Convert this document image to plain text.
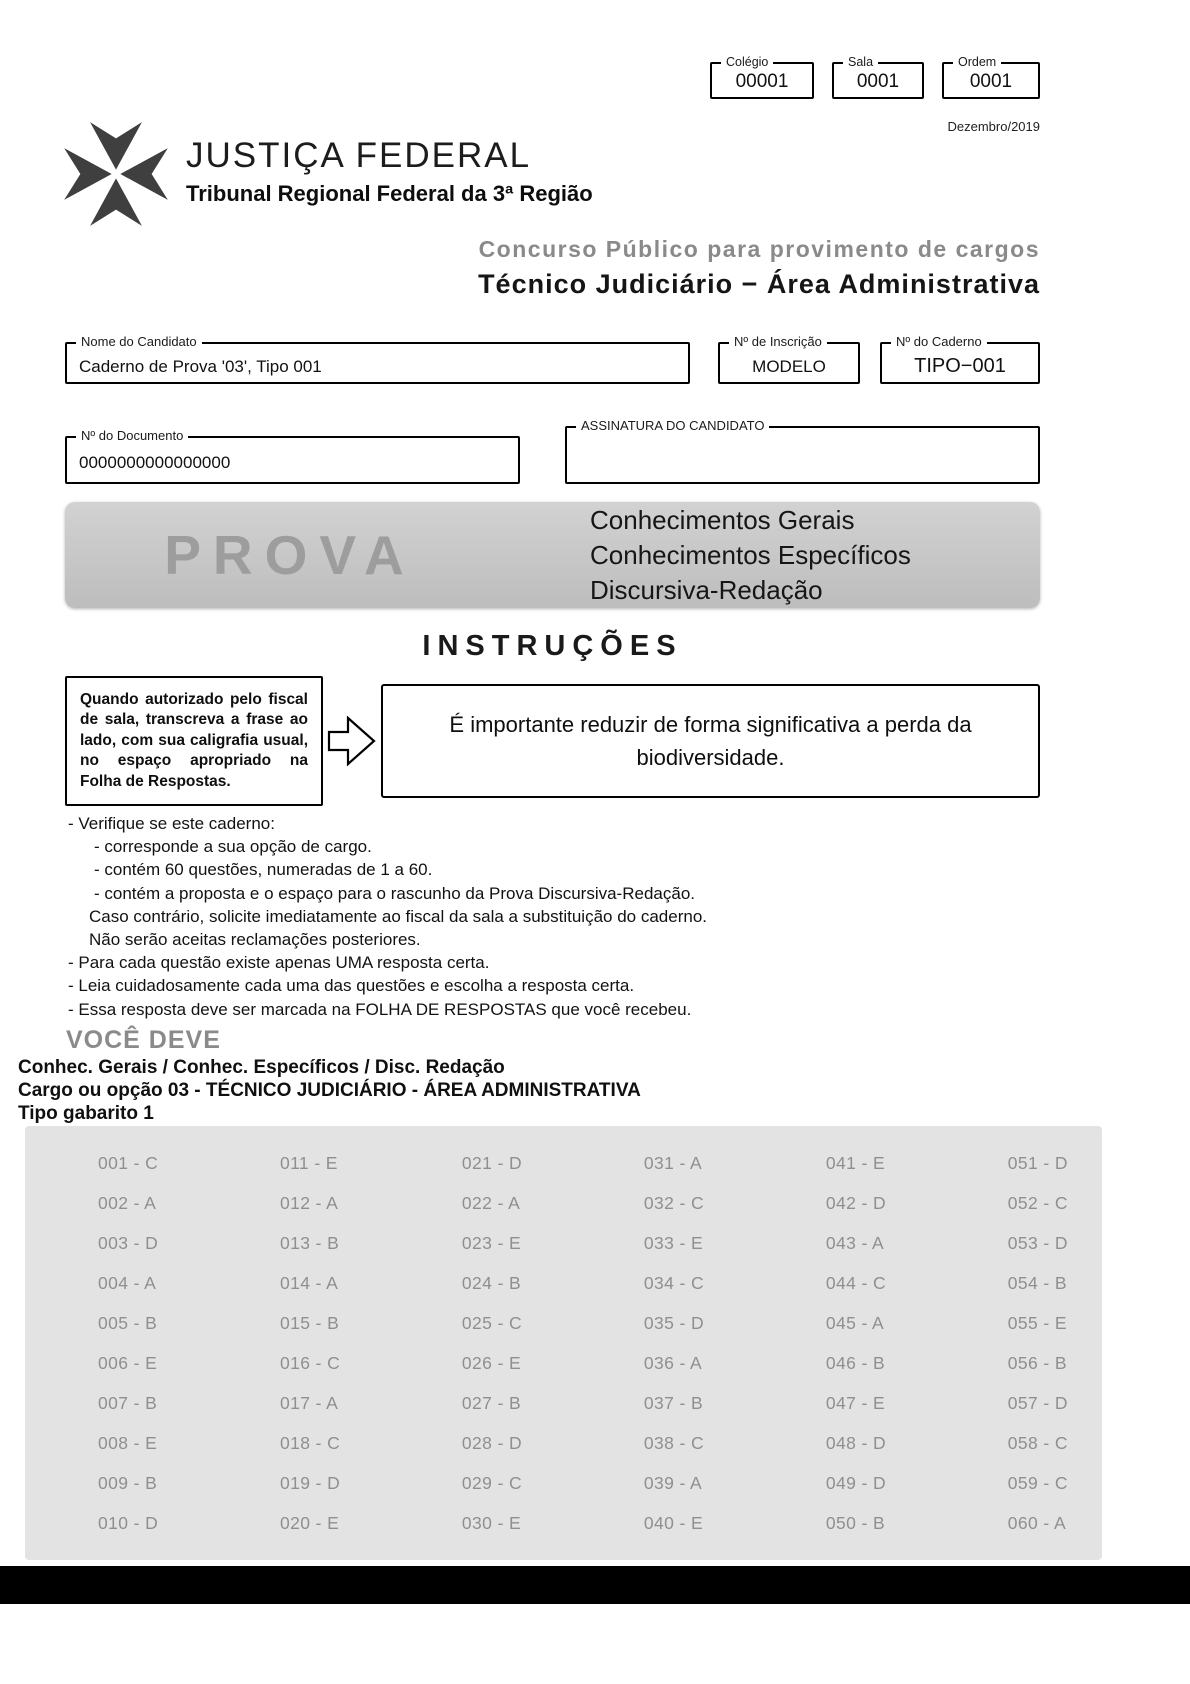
Colégio
00001
Sala
0001
Ordem
0001
Dezembro/2019
JUSTIÇA FEDERAL
Tribunal Regional Federal da 3ª Região
Concurso Público para provimento de cargos
Técnico Judiciário − Área Administrativa
Nome do Candidato
Caderno de Prova '03', Tipo 001
Nº de Inscrição
MODELO
Nº do Caderno
TIPO−001
Nº do Documento
0000000000000000
ASSINATURA DO CANDIDATO
PROVA
Conhecimentos Gerais
Conhecimentos Específicos
Discursiva-Redação
INSTRUÇÕES
Quando autorizado pelo fiscal de sala, transcreva a frase ao lado, com sua caligrafia usual, no espaço apropriado na Folha de Respostas.
É importante reduzir de forma significativa a perda da biodiversidade.
- Verifique se este caderno:
- corresponde a sua opção de cargo.
- contém 60 questões, numeradas de 1 a 60.
- contém a proposta e o espaço para o rascunho da Prova Discursiva-Redação.
Caso contrário, solicite imediatamente ao fiscal da sala a substituição do caderno.
Não serão aceitas reclamações posteriores.
- Para cada questão existe apenas UMA resposta certa.
- Leia cuidadosamente cada uma das questões e escolha a resposta certa.
- Essa resposta deve ser marcada na FOLHA DE RESPOSTAS que você recebeu.
VOCÊ DEVE
Conhec. Gerais / Conhec. Específicos / Disc. Redação
Cargo ou opção 03 - TÉCNICO JUDICIÁRIO - ÁREA ADMINISTRATIVA
Tipo gabarito 1
001 - C
002 - A
003 - D
004 - A
005 - B
006 - E
007 - B
008 - E
009 - B
010 - D
011 - E
012 - A
013 - B
014 - A
015 - B
016 - C
017 - A
018 - C
019 - D
020 - E
021 - D
022 - A
023 - E
024 - B
025 - C
026 - E
027 - B
028 - D
029 - C
030 - E
031 - A
032 - C
033 - E
034 - C
035 - D
036 - A
037 - B
038 - C
039 - A
040 - E
041 - E
042 - D
043 - A
044 - C
045 - A
046 - B
047 - E
048 - D
049 - D
050 - B
051 - D
052 - C
053 - D
054 - B
055 - E
056 - B
057 - D
058 - C
059 - C
060 - A
